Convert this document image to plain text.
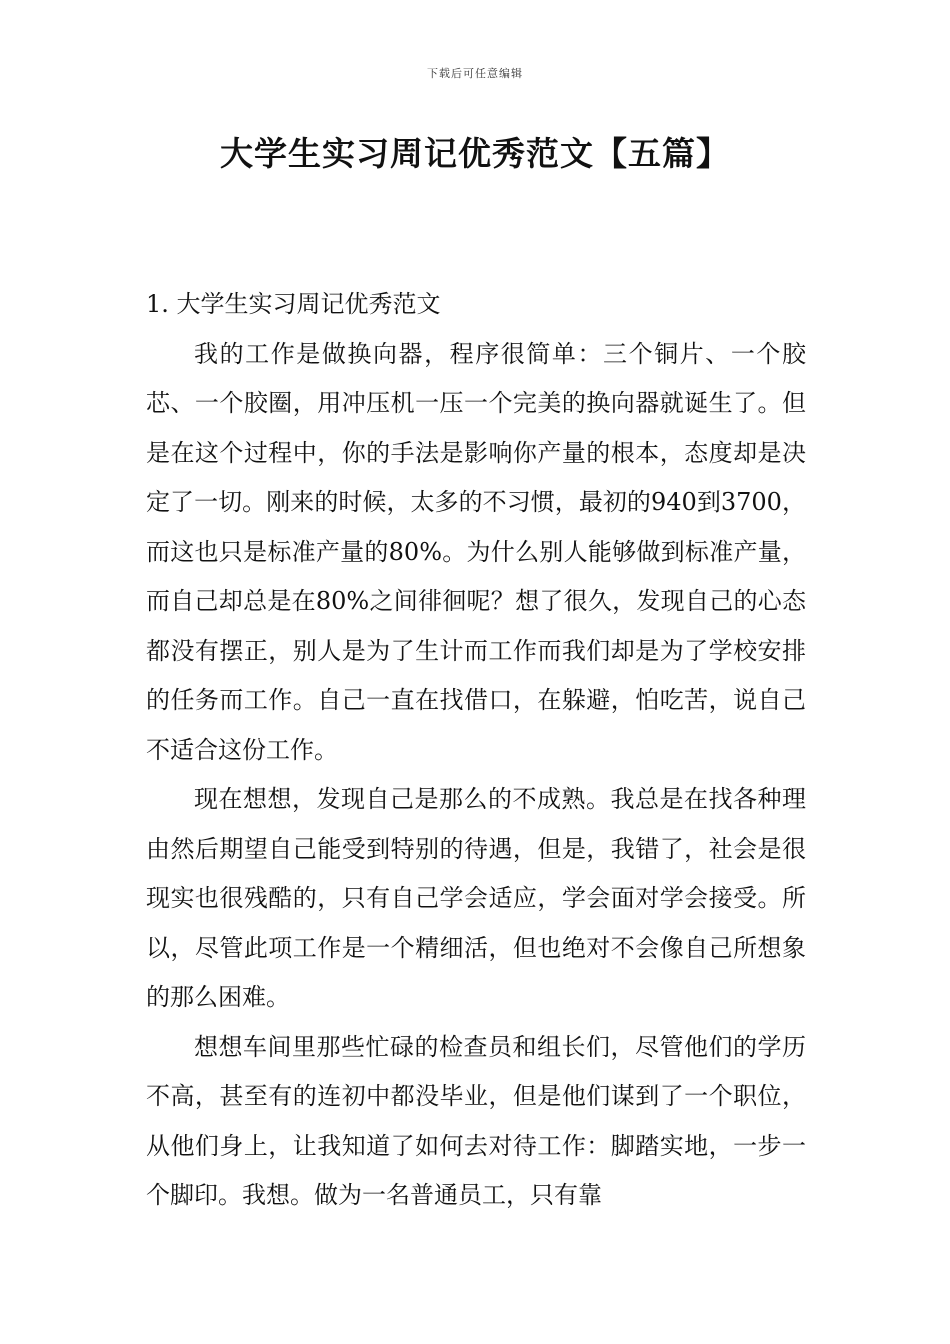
下载后可任意编辑
大学生实习周记优秀范文【五篇】
1. 大学生实习周记优秀范文

我的工作是做换向器，程序很简单：三个铜片、一个胶芯、一个胶圈，用冲压机一压一个完美的换向器就诞生了。但是在这个过程中，你的手法是影响你产量的根本，态度却是决定了一切。刚来的时候，太多的不习惯，最初的940到3700，而这也只是标准产量的80%。为什么别人能够做到标准产量，而自己却总是在80%之间徘徊呢？想了很久，发现自己的心态都没有摆正，别人是为了生计而工作而我们却是为了学校安排的任务而工作。自己一直在找借口，在躲避，怕吃苦，说自己不适合这份工作。

现在想想，发现自己是那么的不成熟。我总是在找各种理由然后期望自己能受到特别的待遇，但是，我错了，社会是很现实也很残酷的，只有自己学会适应，学会面对学会接受。所以，尽管此项工作是一个精细活，但也绝对不会像自己所想象的那么困难。

想想车间里那些忙碌的检查员和组长们，尽管他们的学历不高，甚至有的连初中都没毕业，但是他们谋到了一个职位，从他们身上，让我知道了如何去对待工作：脚踏实地，一步一个脚印。我想。做为一名普通员工，只有靠
